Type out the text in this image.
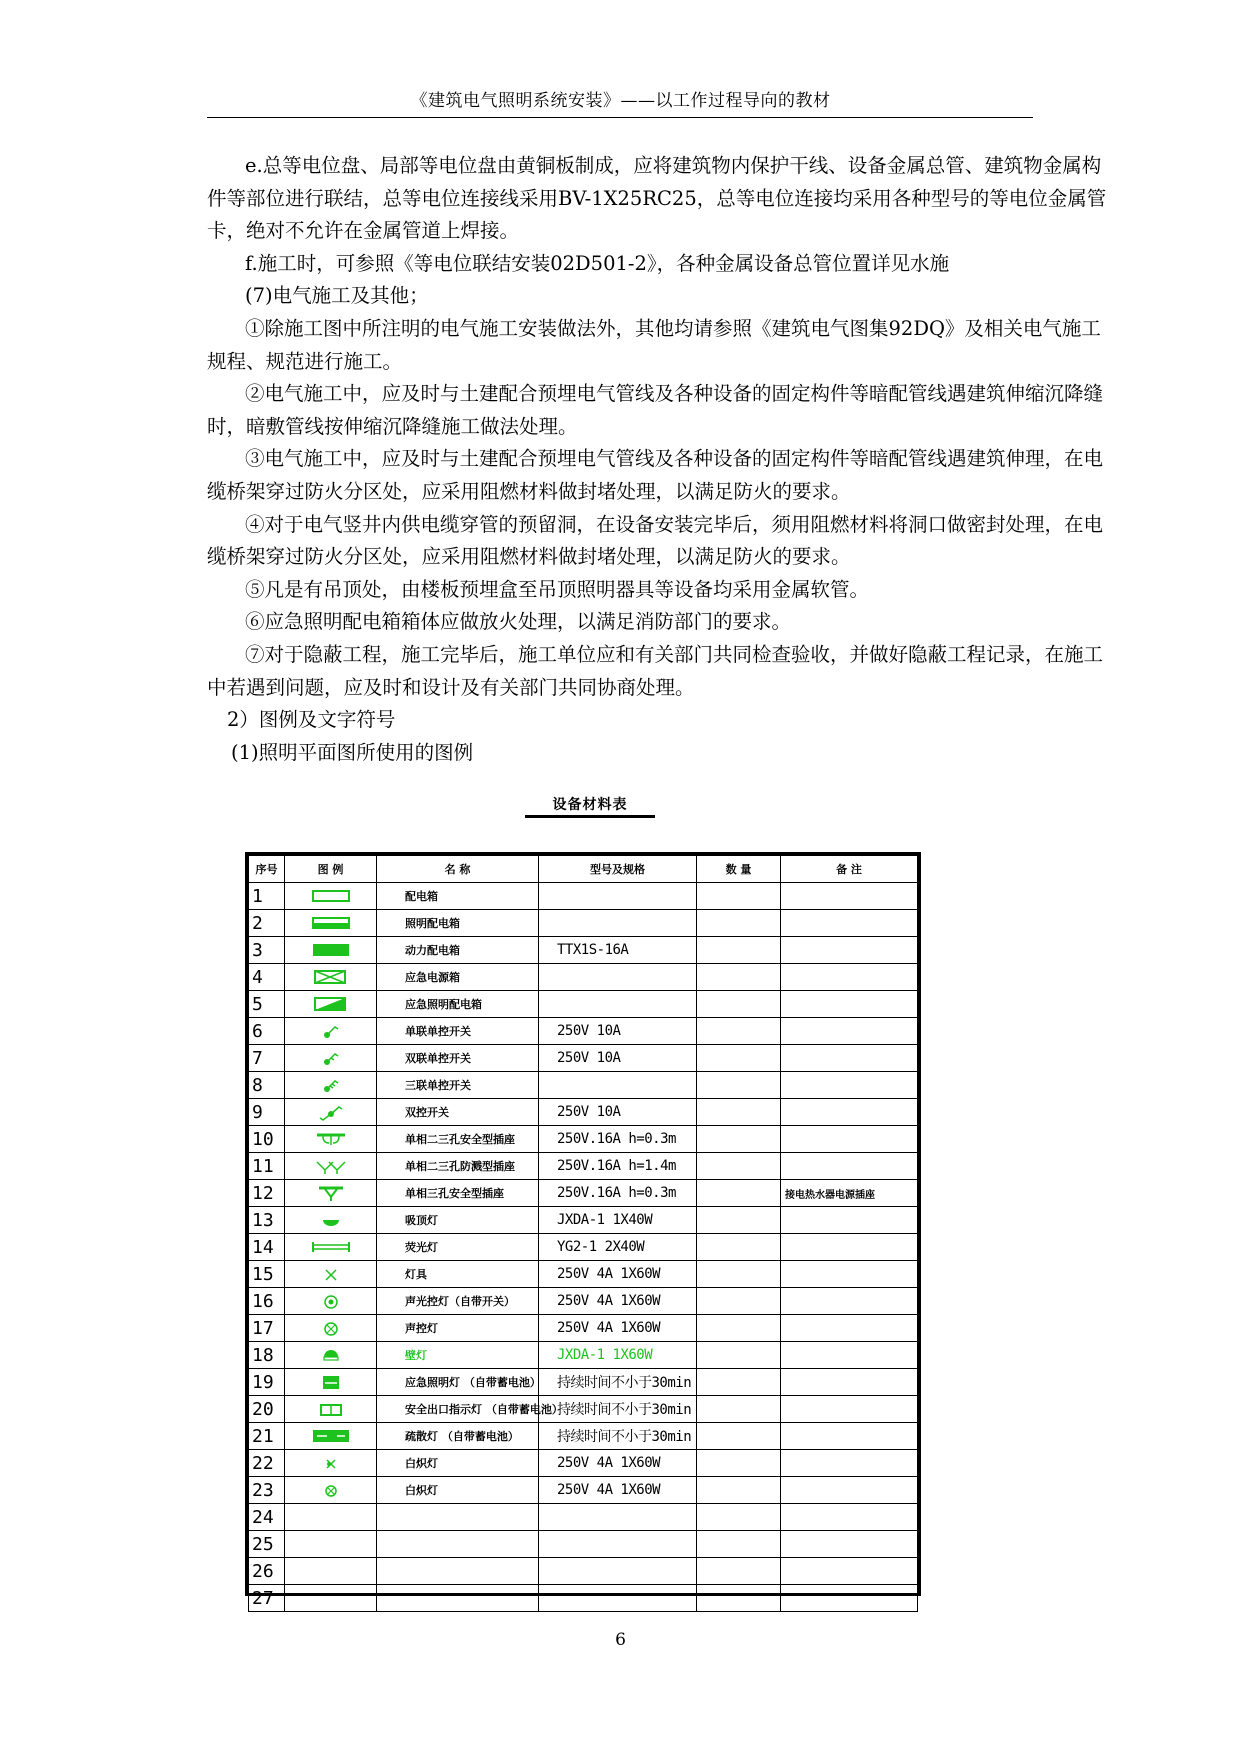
《建筑电气照明系统安装》——以工作过程导向的教材

e.总等电位盘、局部等电位盘由黄铜板制成，应将建筑物内保护干线、设备金属总管、建筑物金属构件等部位进行联结，总等电位连接线采用BV-1X25RC25，总等电位连接均采用各种型号的等电位金属管卡，绝对不允许在金属管道上焊接。

f.施工时，可参照《等电位联结安装02D501-2》，各种金属设备总管位置详见水施

(7)电气施工及其他；

①除施工图中所注明的电气施工安装做法外，其他均请参照《建筑电气图集92DQ》及相关电气施工规程、规范进行施工。

②电气施工中，应及时与土建配合预埋电气管线及各种设备的固定构件等暗配管线遇建筑伸缩沉降缝时，暗敷管线按伸缩沉降缝施工做法处理。

③电气施工中，应及时与土建配合预埋电气管线及各种设备的固定构件等暗配管线遇建筑伸理，在电缆桥架穿过防火分区处，应采用阻燃材料做封堵处理，以满足防火的要求。

④对于电气竖井内供电缆穿管的预留洞，在设备安装完毕后，须用阻燃材料将洞口做密封处理，在电缆桥架穿过防火分区处，应采用阻燃材料做封堵处理，以满足防火的要求。

⑤凡是有吊顶处，由楼板预埋盒至吊顶照明器具等设备均采用金属软管。

⑥应急照明配电箱箱体应做放火处理，以满足消防部门的要求。

⑦对于隐蔽工程，施工完毕后，施工单位应和有关部门共同检查验收，并做好隐蔽工程记录，在施工中若遇到问题，应及时和设计及有关部门共同协商处理。

2）图例及文字符号

(1)照明平面图所使用的图例

设备材料表
序号	图 例	名 称	型号及规格	数 量	备 注
1		配电箱			
2		照明配电箱			
3		动力配电箱	TTX1S-16A		
4		应急电源箱			
5		应急照明配电箱			
6		单联单控开关	250V 10A		
7		双联单控开关	250V 10A		
8		三联单控开关			
9		双控开关	250V 10A		
10		单相二三孔安全型插座	250V.16A h=0.3m		
11		单相二三孔防溅型插座	250V.16A h=1.4m		
12		单相三孔安全型插座	250V.16A h=0.3m		接电热水器电源插座
13		吸顶灯	JXDA-1 1X40W		
14		荧光灯	YG2-1 2X40W		
15		灯具	250V 4A 1X60W		
16		声光控灯（自带开关）	250V 4A 1X60W		
17		声控灯	250V 4A 1X60W		
18		壁灯	JXDA-1 1X60W		
19		应急照明灯 （自带蓄电池）	持续时间不小于30min		
20		安全出口指示灯 （自带蓄电池）	持续时间不小于30min		
21		疏散灯 （自带蓄电池）	持续时间不小于30min		
22		白炽灯	250V 4A 1X60W		
23		白炽灯	250V 4A 1X60W		
24					
25					
26					
27					
6
